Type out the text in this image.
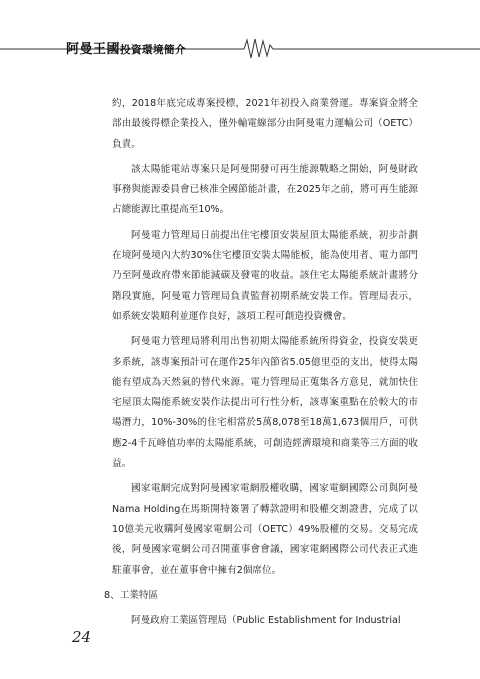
阿曼王國投資環境簡介

約，2018年底完成專案授標，2021年初投入商業營運。專案資金將全部由最後得標企業投入，僅外輸電線部分由阿曼電力運輸公司（OETC）負責。

該太陽能電站專案只是阿曼開發可再生能源戰略之開始，阿曼財政事務與能源委員會已核准全國節能計畫，在2025年之前，將可再生能源占總能源比重提高至10%。

阿曼電力管理局日前提出住宅樓頂安裝屋頂太陽能系統，初步計劃在境阿曼境內大約30%住宅樓頂安裝太陽能板，能為使用者、電力部門乃至阿曼政府帶來節能減碳及發電的收益。該住宅太陽能系統計畫將分階段實施，阿曼電力管理局負責監督初期系統安裝工作。管理局表示，如系統安裝順利並運作良好，該項工程可創造投資機會。

阿曼電力管理局將利用出售初期太陽能系統所得資金，投資安裝更多系統，該專案預計可在運作25年內節省5.05億里亞的支出，使得太陽能有望成為天然氣的替代來源。電力管理局正蒐集各方意見，就加快住宅屋頂太陽能系統安裝作法提出可行性分析，該專案重點在於較大的市場潛力，10%-30%的住宅相當於5萬8,078至18萬1,673個用戶，可供應2-4千瓦峰值功率的太陽能系統，可創造經濟環境和商業等三方面的收益。

國家電網完成對阿曼國家電網股權收購，國家電網國際公司與阿曼Nama Holding在馬斯開特簽署了轉款證明和股權交割證書，完成了以10億美元收購阿曼國家電網公司（OETC）49%股權的交易。交易完成後，阿曼國家電網公司召開董事會會議，國家電網國際公司代表正式進駐董事會，並在董事會中擁有2個席位。

8、工業特區

阿曼政府工業區管理局（Public Establishment for Industrial

24
